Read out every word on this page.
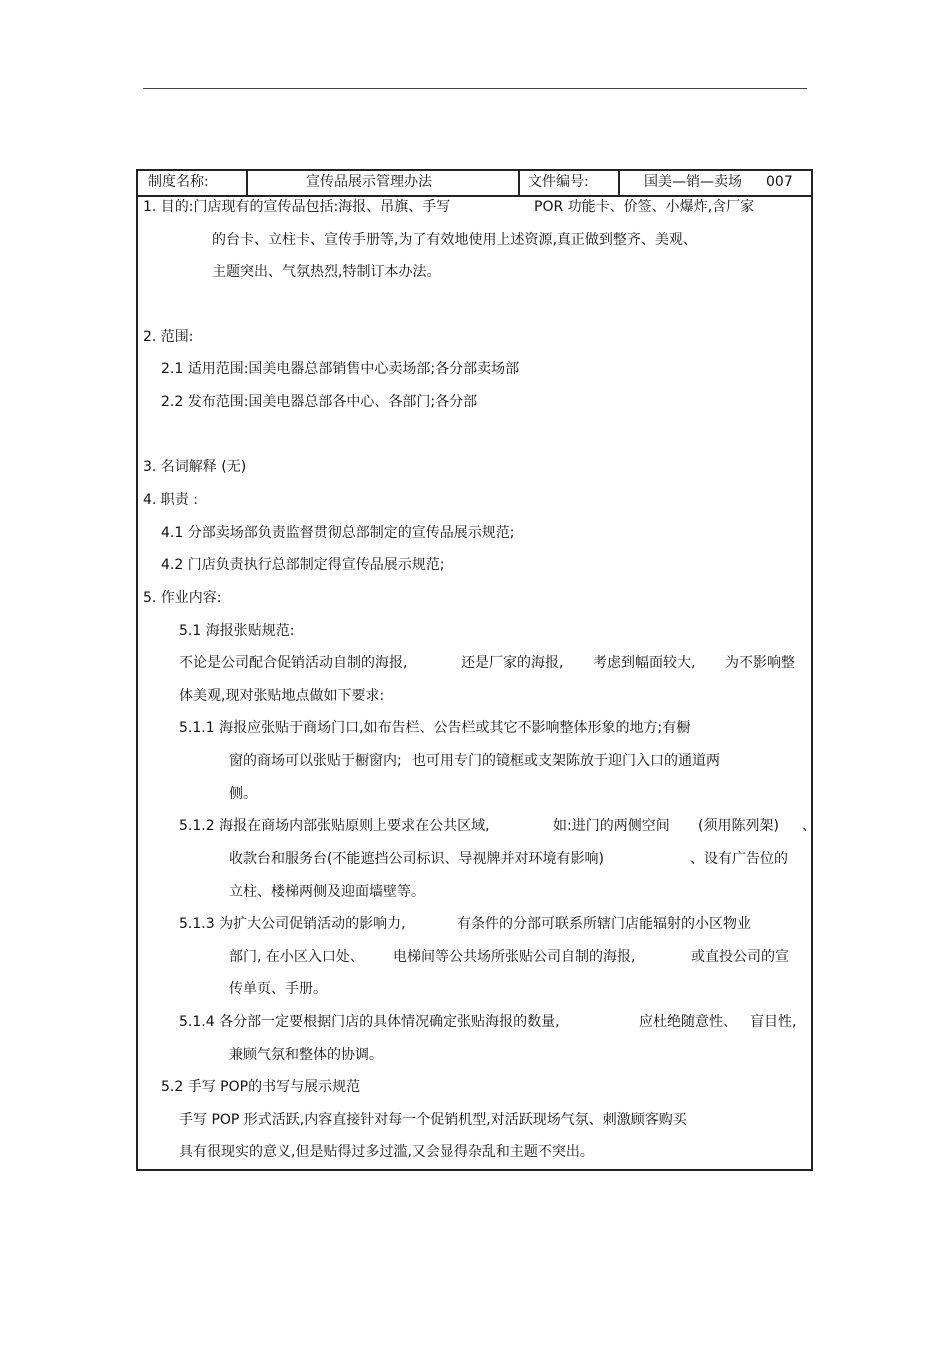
制度名称:	宣传品展示管理办法	文件编号:	国美—销—卖场 007
1. 目的:门店现有的宣传品包括:海报、吊旗、手写	POR 功能卡、价签、小爆炸,含厂家
的台卡、立柱卡、宣传手册等,为了有效地使用上述资源,真正做到整齐、美观、
主题突出、气氛热烈,特制订本办法。
2. 范围:
2.1 适用范围:国美电器总部销售中心卖场部;各分部卖场部
2.2 发布范围:国美电器总部各中心、各部门;各分部
3. 名词解释 (无)
4. 职责 :
4.1 分部卖场部负责监督贯彻总部制定的宣传品展示规范;
4.2 门店负责执行总部制定得宣传品展示规范;
5. 作业内容:
5.1 海报张贴规范:
不论是公司配合促销活动自制的海报,	还是厂家的海报, 考虑到幅面较大, 为不影响整
体美观,现对张贴地点做如下要求:
5.1.1 海报应张贴于商场门口,如布告栏、公告栏或其它不影响整体形象的地方;有橱
窗的商场可以张贴于橱窗内; 也可用专门的镜框或支架陈放于迎门入口的通道两
侧。
5.1.2 海报在商场内部张贴原则上要求在公共区域,	如:进门的两侧空间 (须用陈列架) 、
收款台和服务台(不能遮挡公司标识、导视牌并对环境有影响)	、设有广告位的
立柱、楼梯两侧及迎面墙壁等。
5.1.3 为扩大公司促销活动的影响力,	有条件的分部可联系所辖门店能辐射的小区物业
部门, 在小区入口处、 电梯间等公共场所张贴公司自制的海报,	或直投公司的宣
传单页、手册。
5.1.4 各分部一定要根据门店的具体情况确定张贴海报的数量,	应杜绝随意性、 盲目性,
兼顾气氛和整体的协调。
5.2 手写 POP的书写与展示规范
手写 POP 形式活跃,内容直接针对每一个促销机型,对活跃现场气氛、刺激顾客购买
具有很现实的意义,但是贴得过多过滥,又会显得杂乱和主题不突出。
